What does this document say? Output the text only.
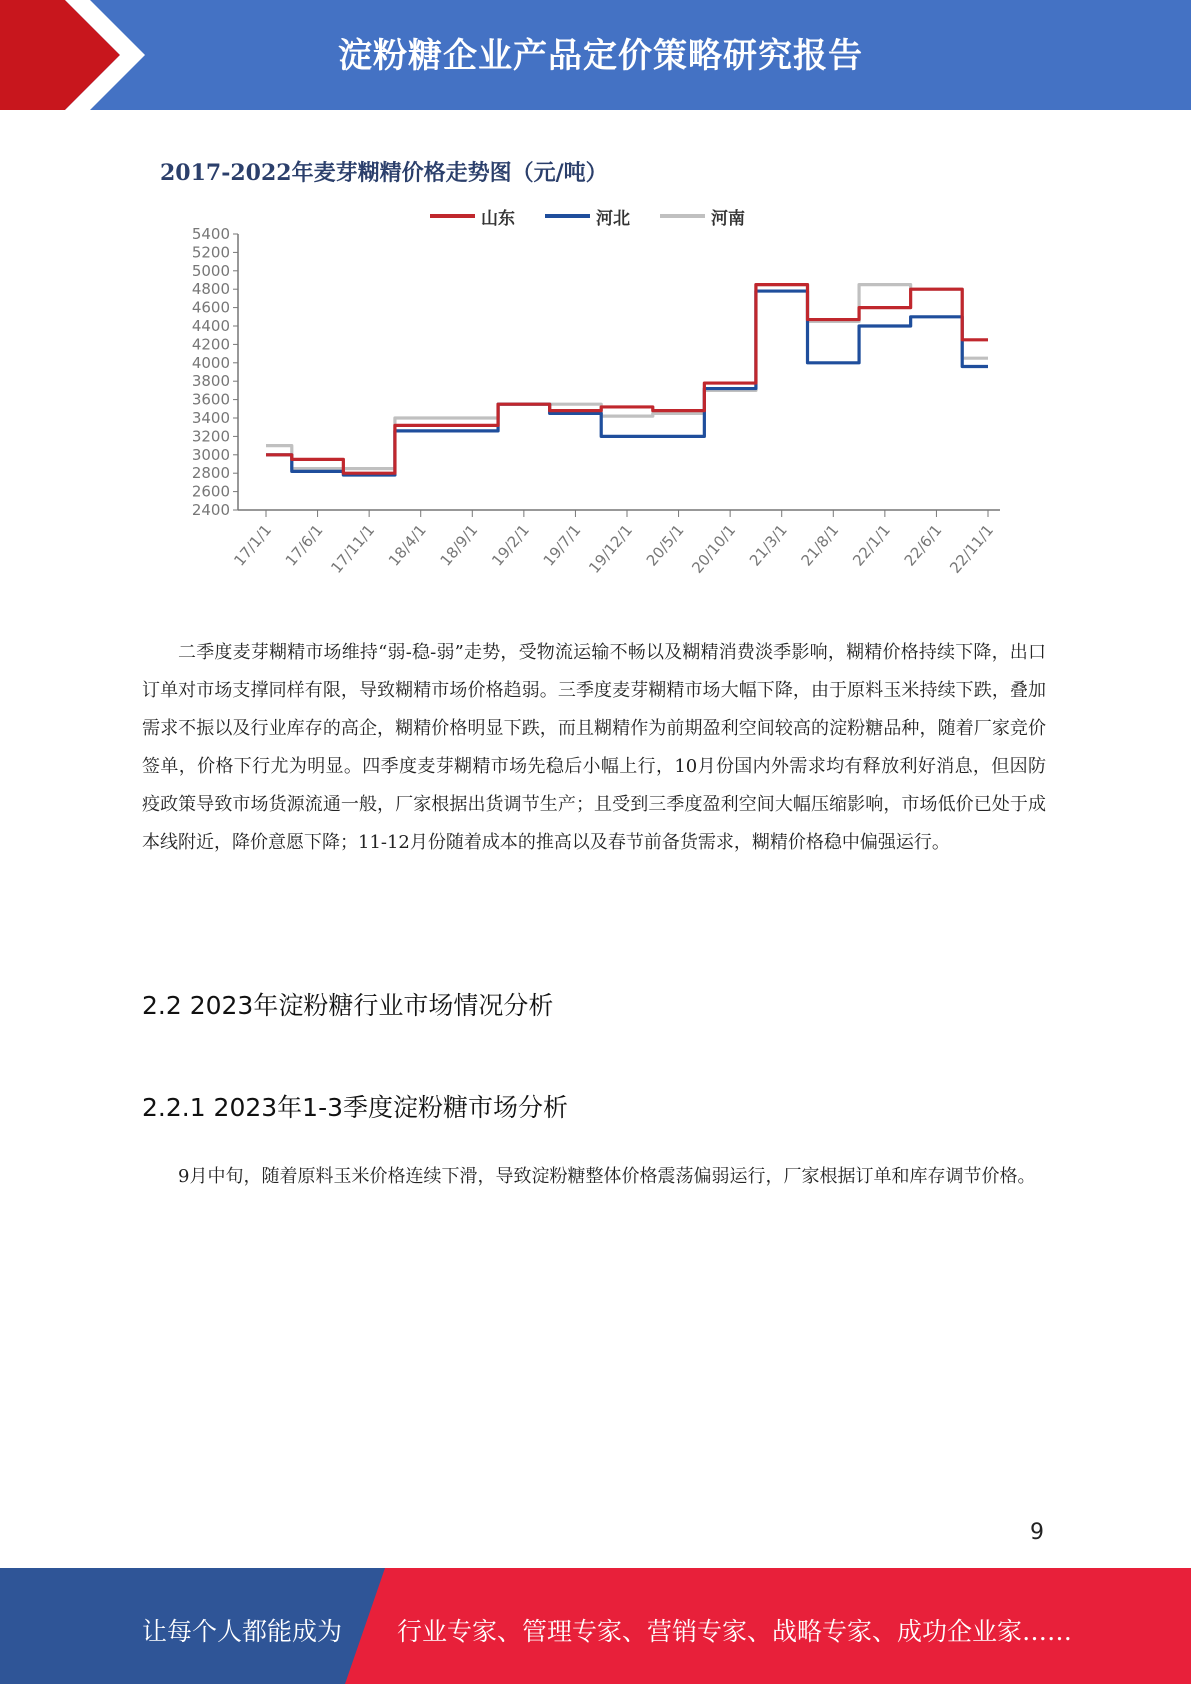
淀粉糖企业产品定价策略研究报告
2400
2600
2800
3000
3200
3400
3600
3800
4000
4200
4400
4600
4800
5000
5200
5400
17/1/1 17/6/1 17/11/1 18/4/1 18/9/1 19/2/1 19/7/1 19/12/1 20/5/1 20/10/1 21/3/1 21/8/1 22/1/1 22/6/1 22/11/1
2017-2022年麦芽糊精价格走势图（元/吨）
山东	河北	河南
二季度麦芽糊精市场维持“弱-稳-弱”走势，受物流运输不畅以及糊精消费淡季影响，糊精价格持续下降，出口订单对市场支撑同样有限，导致糊精市场价格趋弱。三季度麦芽糊精市场大幅下降，由于原料玉米持续下跌，叠加需求不振以及行业库存的高企，糊精价格明显下跌，而且糊精作为前期盈利空间较高的淀粉糖品种，随着厂家竞价签单，价格下行尤为明显。四季度麦芽糊精市场先稳后小幅上行，10月份国内外需求均有释放利好消息，但因防疫政策导致市场货源流通一般，厂家根据出货调节生产；且受到三季度盈利空间大幅压缩影响，市场低价已处于成本线附近，降价意愿下降；11-12月份随着成本的推高以及春节前备货需求，糊精价格稳中偏强运行。
2.2 2023年淀粉糖行业市场情况分析
2.2.1 2023年1-3季度淀粉糖市场分析
9月中旬，随着原料玉米价格连续下滑，导致淀粉糖整体价格震荡偏弱运行，厂家根据订单和库存调节价格。
9
让每个人都能成为 行业专家、管理专家、营销专家、战略专家、成功企业家……
